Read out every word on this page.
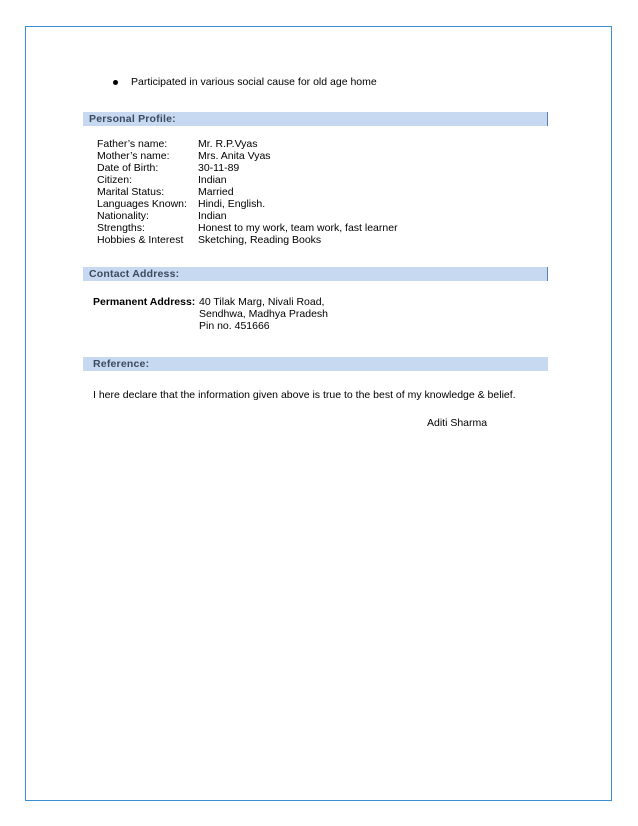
Participated in various social cause for old age home
Personal Profile:
Father’s name:	Mr. R.P.Vyas
Mother’s name:	Mrs. Anita Vyas
Date of Birth:	30-11-89
Citizen:	Indian
Marital Status:	Married
Languages Known: Hindi, English.
Nationality:	Indian
Strengths:	Honest to my work, team work, fast learner
Hobbies & Interest Sketching, Reading Books
Contact Address:
Permanent Address: 40 Tilak Marg, Nivali Road,
Sendhwa, Madhya Pradesh
Pin no. 451666
Reference:
I here declare that the information given above is true to the best of my knowledge & belief.
Aditi Sharma
